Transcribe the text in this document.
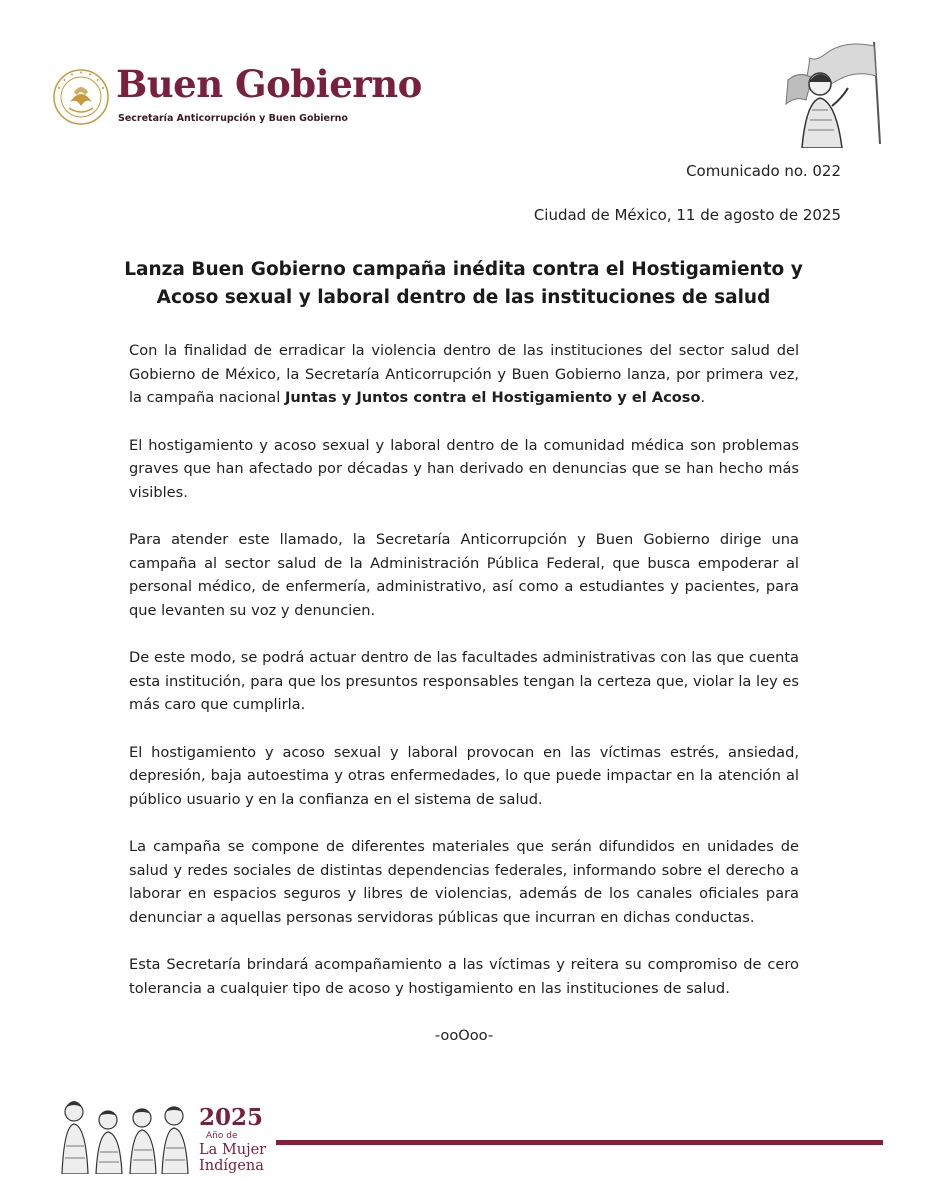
Buen Gobierno
Secretaría Anticorrupción y Buen Gobierno
Comunicado no. 022
Ciudad de México, 11 de agosto de 2025
Lanza Buen Gobierno campaña inédita contra el Hostigamiento y
Acoso sexual y laboral dentro de las instituciones de salud

Con la finalidad de erradicar la violencia dentro de las instituciones del sector salud del Gobierno de México, la Secretaría Anticorrupción y Buen Gobierno lanza, por primera vez, la campaña nacional Juntas y Juntos contra el Hostigamiento y el Acoso.

El hostigamiento y acoso sexual y laboral dentro de la comunidad médica son problemas graves que han afectado por décadas y han derivado en denuncias que se han hecho más visibles.

Para atender este llamado, la Secretaría Anticorrupción y Buen Gobierno dirige una campaña al sector salud de la Administración Pública Federal, que busca empoderar al personal médico, de enfermería, administrativo, así como a estudiantes y pacientes, para que levanten su voz y denuncien.

De este modo, se podrá actuar dentro de las facultades administrativas con las que cuenta esta institución, para que los presuntos responsables tengan la certeza que, violar la ley es más caro que cumplirla.

El hostigamiento y acoso sexual y laboral provocan en las víctimas estrés, ansiedad, depresión, baja autoestima y otras enfermedades, lo que puede impactar en la atención al público usuario y en la confianza en el sistema de salud.

La campaña se compone de diferentes materiales que serán difundidos en unidades de salud y redes sociales de distintas dependencias federales, informando sobre el derecho a laborar en espacios seguros y libres de violencias, además de los canales oficiales para denunciar a aquellas personas servidoras públicas que incurran en dichas conductas.

Esta Secretaría brindará acompañamiento a las víctimas y reitera su compromiso de cero tolerancia a cualquier tipo de acoso y hostigamiento en las instituciones de salud.

-ooOoo-
2025
Año de
La Mujer
Indígena
